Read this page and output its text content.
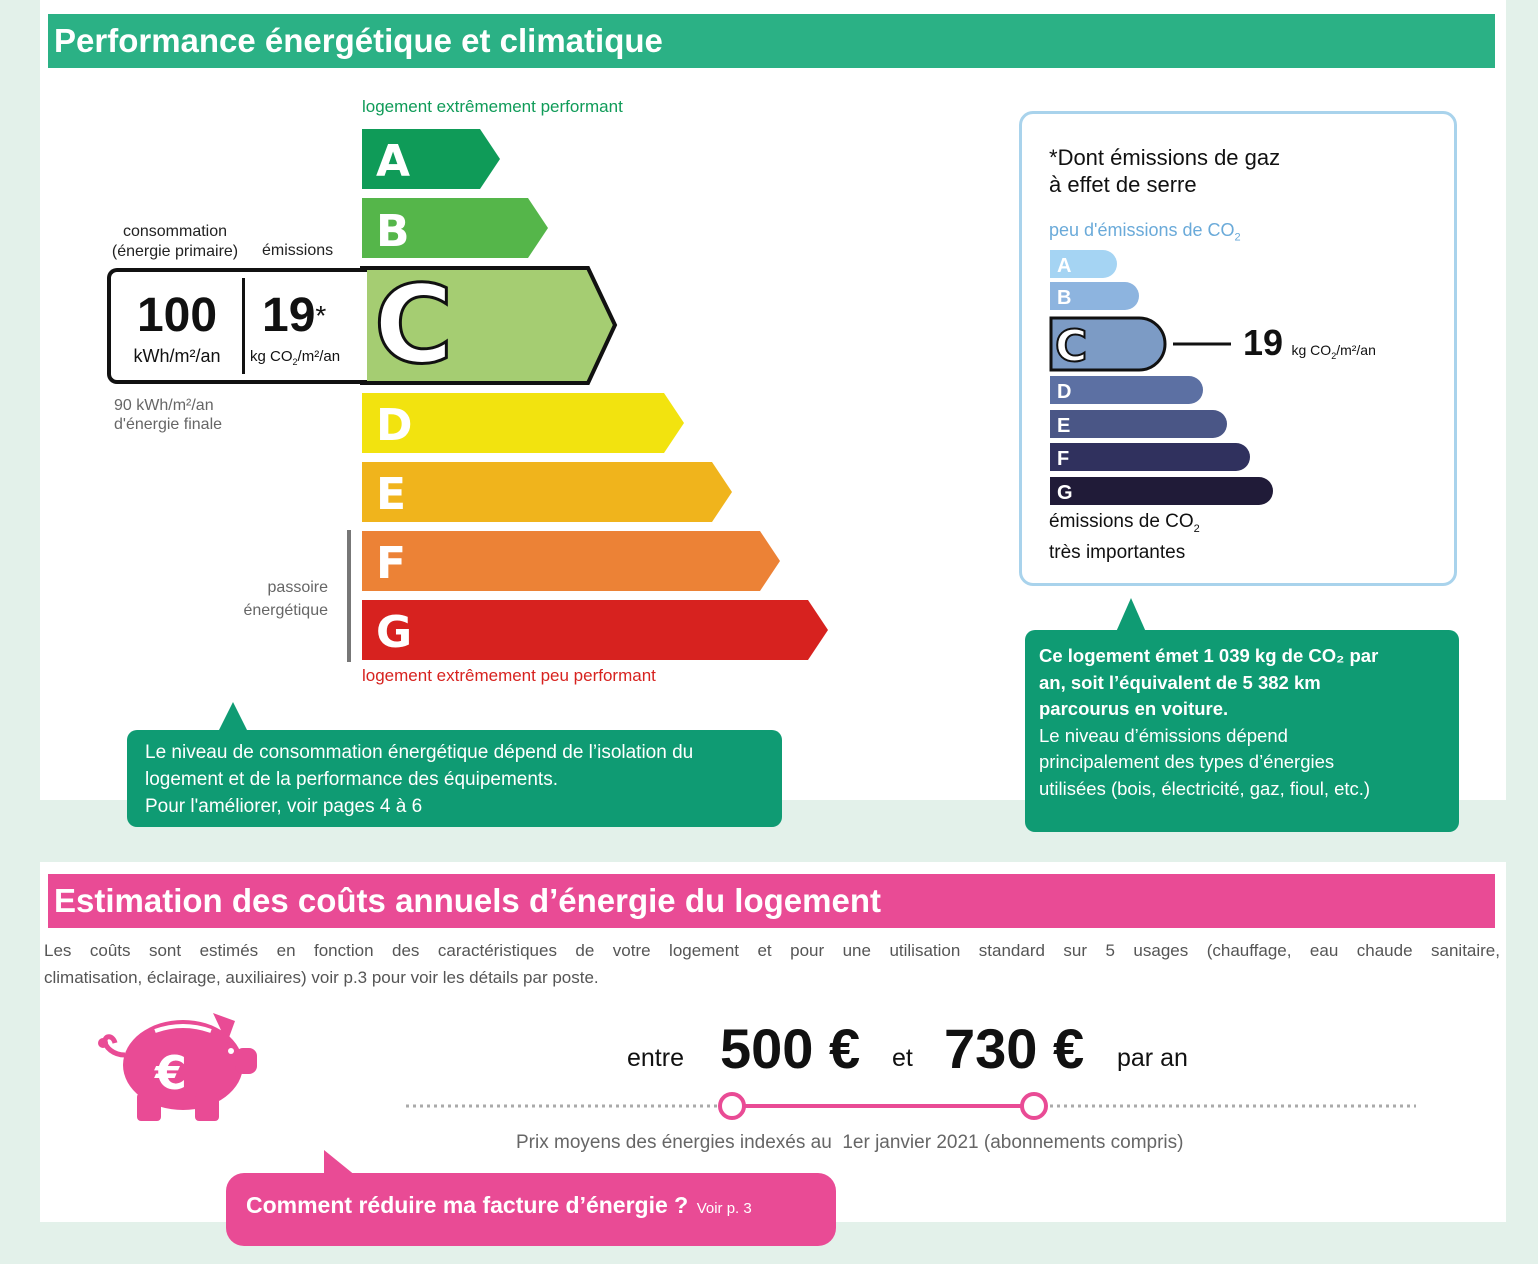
Performance énergétique et climatique
logement extrêmement performant
A
B
C
D
E
F
G
logement extrêmement peu performant
consommation
(énergie primaire) émissions
100
kWh/m²/an
19*
kg $CO_2/m^2/an$
90 kWh/m²/an
d'énergie finale
passoire
énergétique
Le niveau de consommation énergétique dépend de l’isolation du
logement et de la performance des équipements.
Pour l'améliorer, voir pages 4 à 6
*Dont émissions de gaz
à effet de serre
peu d'émissions de $CO_2$
A
B
C
D
E
F
G
19 kg $CO_2/m^2/an$
émissions de $CO_2$
très importantes
Ce logement émet 1 039 kg de CO₂ par
an, soit l’équivalent de 5 382 km
parcourus en voiture.
Le niveau d’émissions dépend
principalement des types d’énergies
utilisées (bois, électricité, gaz, fioul, etc.)
Estimation des coûts annuels d’énergie du logement
Les coûts sont estimés en fonction des caractéristiques de votre logement et pour une utilisation standard sur 5 usages (chauffage, eau chaude sanitaire,
climatisation, éclairage, auxiliaires) voir p.3 pour voir les détails par poste.
€	entre 500 € et 730 € par an
Prix moyens des énergies indexés au  1er janvier 2021 (abonnements compris)
Comment réduire ma facture d’énergie ? Voir p. 3
